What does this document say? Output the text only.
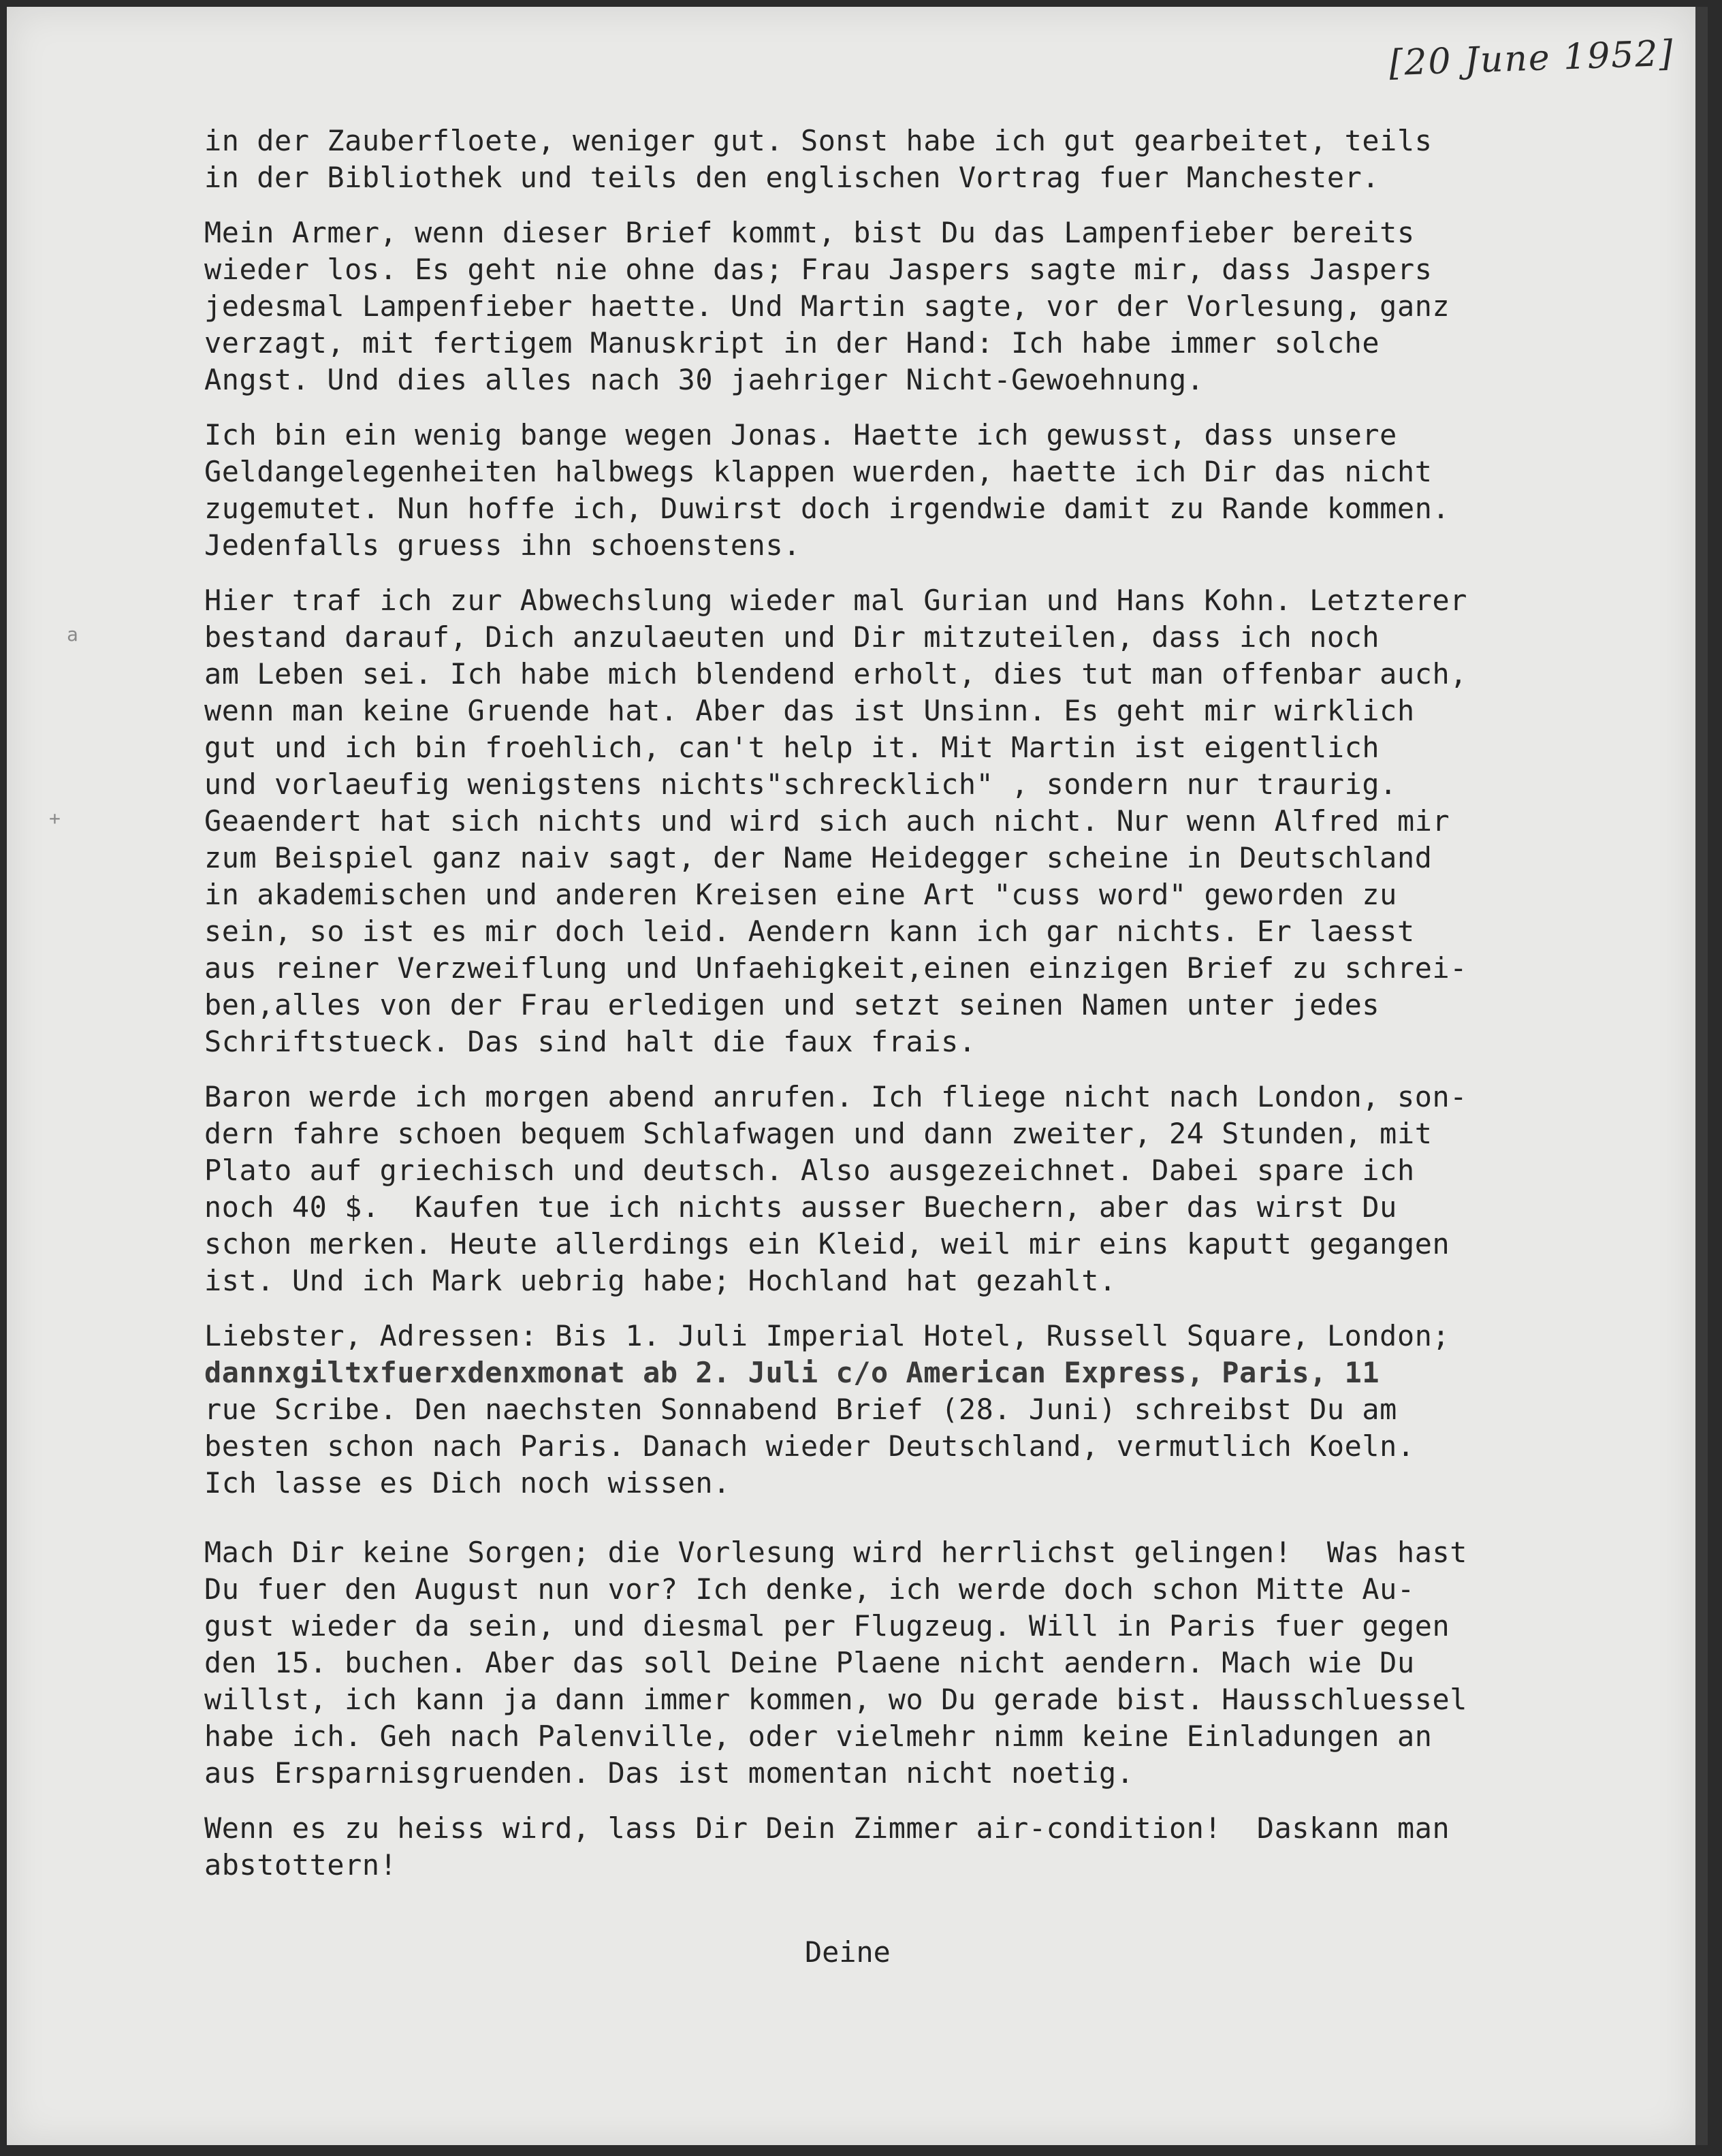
[20 June 1952]
a
+
in der Zauberfloete, weniger gut. Sonst habe ich gut gearbeitet, teils
in der Bibliothek und teils den englischen Vortrag fuer Manchester.
Mein Armer, wenn dieser Brief kommt, bist Du das Lampenfieber bereits
wieder los. Es geht nie ohne das; Frau Jaspers sagte mir, dass Jaspers
jedesmal Lampenfieber haette. Und Martin sagte, vor der Vorlesung, ganz
verzagt, mit fertigem Manuskript in der Hand: Ich habe immer solche
Angst. Und dies alles nach 30 jaehriger Nicht-Gewoehnung.
Ich bin ein wenig bange wegen Jonas. Haette ich gewusst, dass unsere
Geldangelegenheiten halbwegs klappen wuerden, haette ich Dir das nicht
zugemutet. Nun hoffe ich, Duwirst doch irgendwie damit zu Rande kommen.
Jedenfalls gruess ihn schoenstens.
Hier traf ich zur Abwechslung wieder mal Gurian und Hans Kohn. Letzterer
bestand darauf, Dich anzulaeuten und Dir mitzuteilen, dass ich noch
am Leben sei. Ich habe mich blendend erholt, dies tut man offenbar auch,
wenn man keine Gruende hat. Aber das ist Unsinn. Es geht mir wirklich
gut und ich bin froehlich, can't help it. Mit Martin ist eigentlich
und vorlaeufig wenigstens nichts"schrecklich" , sondern nur traurig.
Geaendert hat sich nichts und wird sich auch nicht. Nur wenn Alfred mir
zum Beispiel ganz naiv sagt, der Name Heidegger scheine in Deutschland
in akademischen und anderen Kreisen eine Art "cuss word" geworden zu
sein, so ist es mir doch leid. Aendern kann ich gar nichts. Er laesst
aus reiner Verzweiflung und Unfaehigkeit,einen einzigen Brief zu schrei-
ben,alles von der Frau erledigen und setzt seinen Namen unter jedes
Schriftstueck. Das sind halt die faux frais.
Baron werde ich morgen abend anrufen. Ich fliege nicht nach London, son-
dern fahre schoen bequem Schlafwagen und dann zweiter, 24 Stunden, mit
Plato auf griechisch und deutsch. Also ausgezeichnet. Dabei spare ich
noch 40 $.  Kaufen tue ich nichts ausser Buechern, aber das wirst Du
schon merken. Heute allerdings ein Kleid, weil mir eins kaputt gegangen
ist. Und ich Mark uebrig habe; Hochland hat gezahlt.
Liebster, Adressen: Bis 1. Juli Imperial Hotel, Russell Square, London;
dannxgiltxfuerxdenxmonat ab 2. Juli c/o American Express, Paris, 11
rue Scribe. Den naechsten Sonnabend Brief (28. Juni) schreibst Du am
besten schon nach Paris. Danach wieder Deutschland, vermutlich Koeln.
Ich lasse es Dich noch wissen.
Mach Dir keine Sorgen; die Vorlesung wird herrlichst gelingen!  Was hast
Du fuer den August nun vor? Ich denke, ich werde doch schon Mitte Au-
gust wieder da sein, und diesmal per Flugzeug. Will in Paris fuer gegen
den 15. buchen. Aber das soll Deine Plaene nicht aendern. Mach wie Du
willst, ich kann ja dann immer kommen, wo Du gerade bist. Hausschluessel
habe ich. Geh nach Palenville, oder vielmehr nimm keine Einladungen an
aus Ersparnisgruenden. Das ist momentan nicht noetig.
Wenn es zu heiss wird, lass Dir Dein Zimmer air-condition!  Daskann man
abstottern!
Deine
